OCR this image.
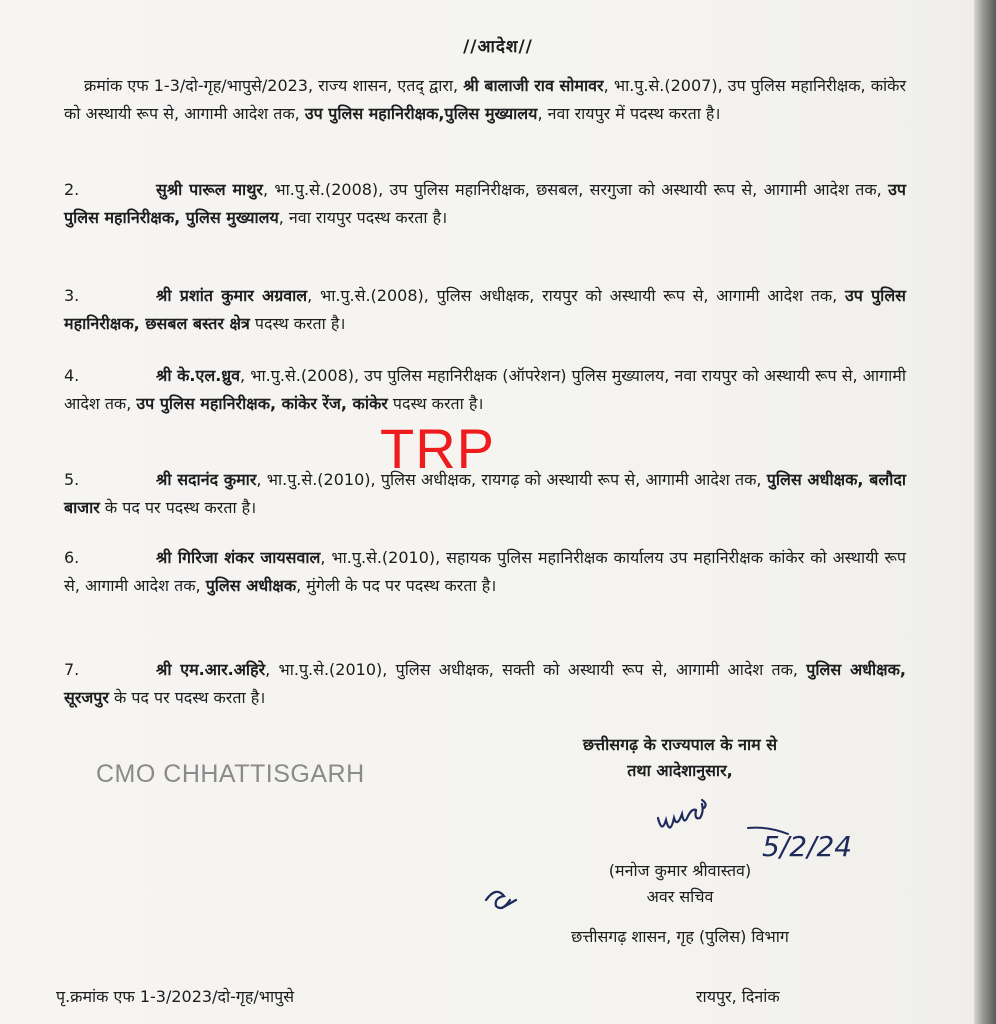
//आदेश//
क्रमांक एफ 1-3/दो-गृह/भापुसे/2023, राज्य शासन, एतद् द्वारा, श्री बालाजी राव सोमावर, भा.पु.से.(2007), उप पुलिस महानिरीक्षक, कांकेर को अस्थायी रूप से, आगामी आदेश तक, उप पुलिस महानिरीक्षक,पुलिस मुख्यालय, नवा रायपुर में पदस्थ करता है।
2.	सुश्री पारूल माथुर, भा.पु.से.(2008), उप पुलिस महानिरीक्षक, छसबल, सरगुजा को अस्थायी रूप से, आगामी आदेश तक, उप पुलिस महानिरीक्षक, पुलिस मुख्यालय, नवा रायपुर पदस्थ करता है।
3.	श्री प्रशांत कुमार अग्रवाल, भा.पु.से.(2008), पुलिस अधीक्षक, रायपुर को अस्थायी रूप से, आगामी आदेश तक, उप पुलिस महानिरीक्षक, छसबल बस्तर क्षेत्र पदस्थ करता है।
4.	श्री के.एल.ध्रुव, भा.पु.से.(2008), उप पुलिस महानिरीक्षक (ऑपरेशन) पुलिस मुख्यालय, नवा रायपुर को अस्थायी रूप से, आगामी आदेश तक, उप पुलिस महानिरीक्षक, कांकेर रेंज, कांकेर पदस्थ करता है।
5.	श्री सदानंद कुमार, भा.पु.से.(2010), पुलिस अधीक्षक, रायगढ़ को अस्थायी रूप से, आगामी आदेश तक, पुलिस अधीक्षक, बलौदा बाजार के पद पर पदस्थ करता है।
6.	श्री गिरिजा शंकर जायसवाल, भा.पु.से.(2010), सहायक पुलिस महानिरीक्षक कार्यालय उप महानिरीक्षक कांकेर को अस्थायी रूप से, आगामी आदेश तक, पुलिस अधीक्षक, मुंगेली के पद पर पदस्थ करता है।
7.	श्री एम.आर.अहिरे, भा.पु.से.(2010), पुलिस अधीक्षक, सक्ती को अस्थायी रूप से, आगामी आदेश तक, पुलिस अधीक्षक, सूरजपुर के पद पर पदस्थ करता है।
TRP
CMO CHHATTISGARH
छत्तीसगढ़ के राज्यपाल के नाम से
तथा आदेशानुसार,
5/2/24
(मनोज कुमार श्रीवास्तव)
अवर सचिव
छत्तीसगढ़ शासन, गृह (पुलिस) विभाग
पृ.क्रमांक एफ 1-3/2023/दो-गृह/भापुसे	रायपुर, दिनांक
